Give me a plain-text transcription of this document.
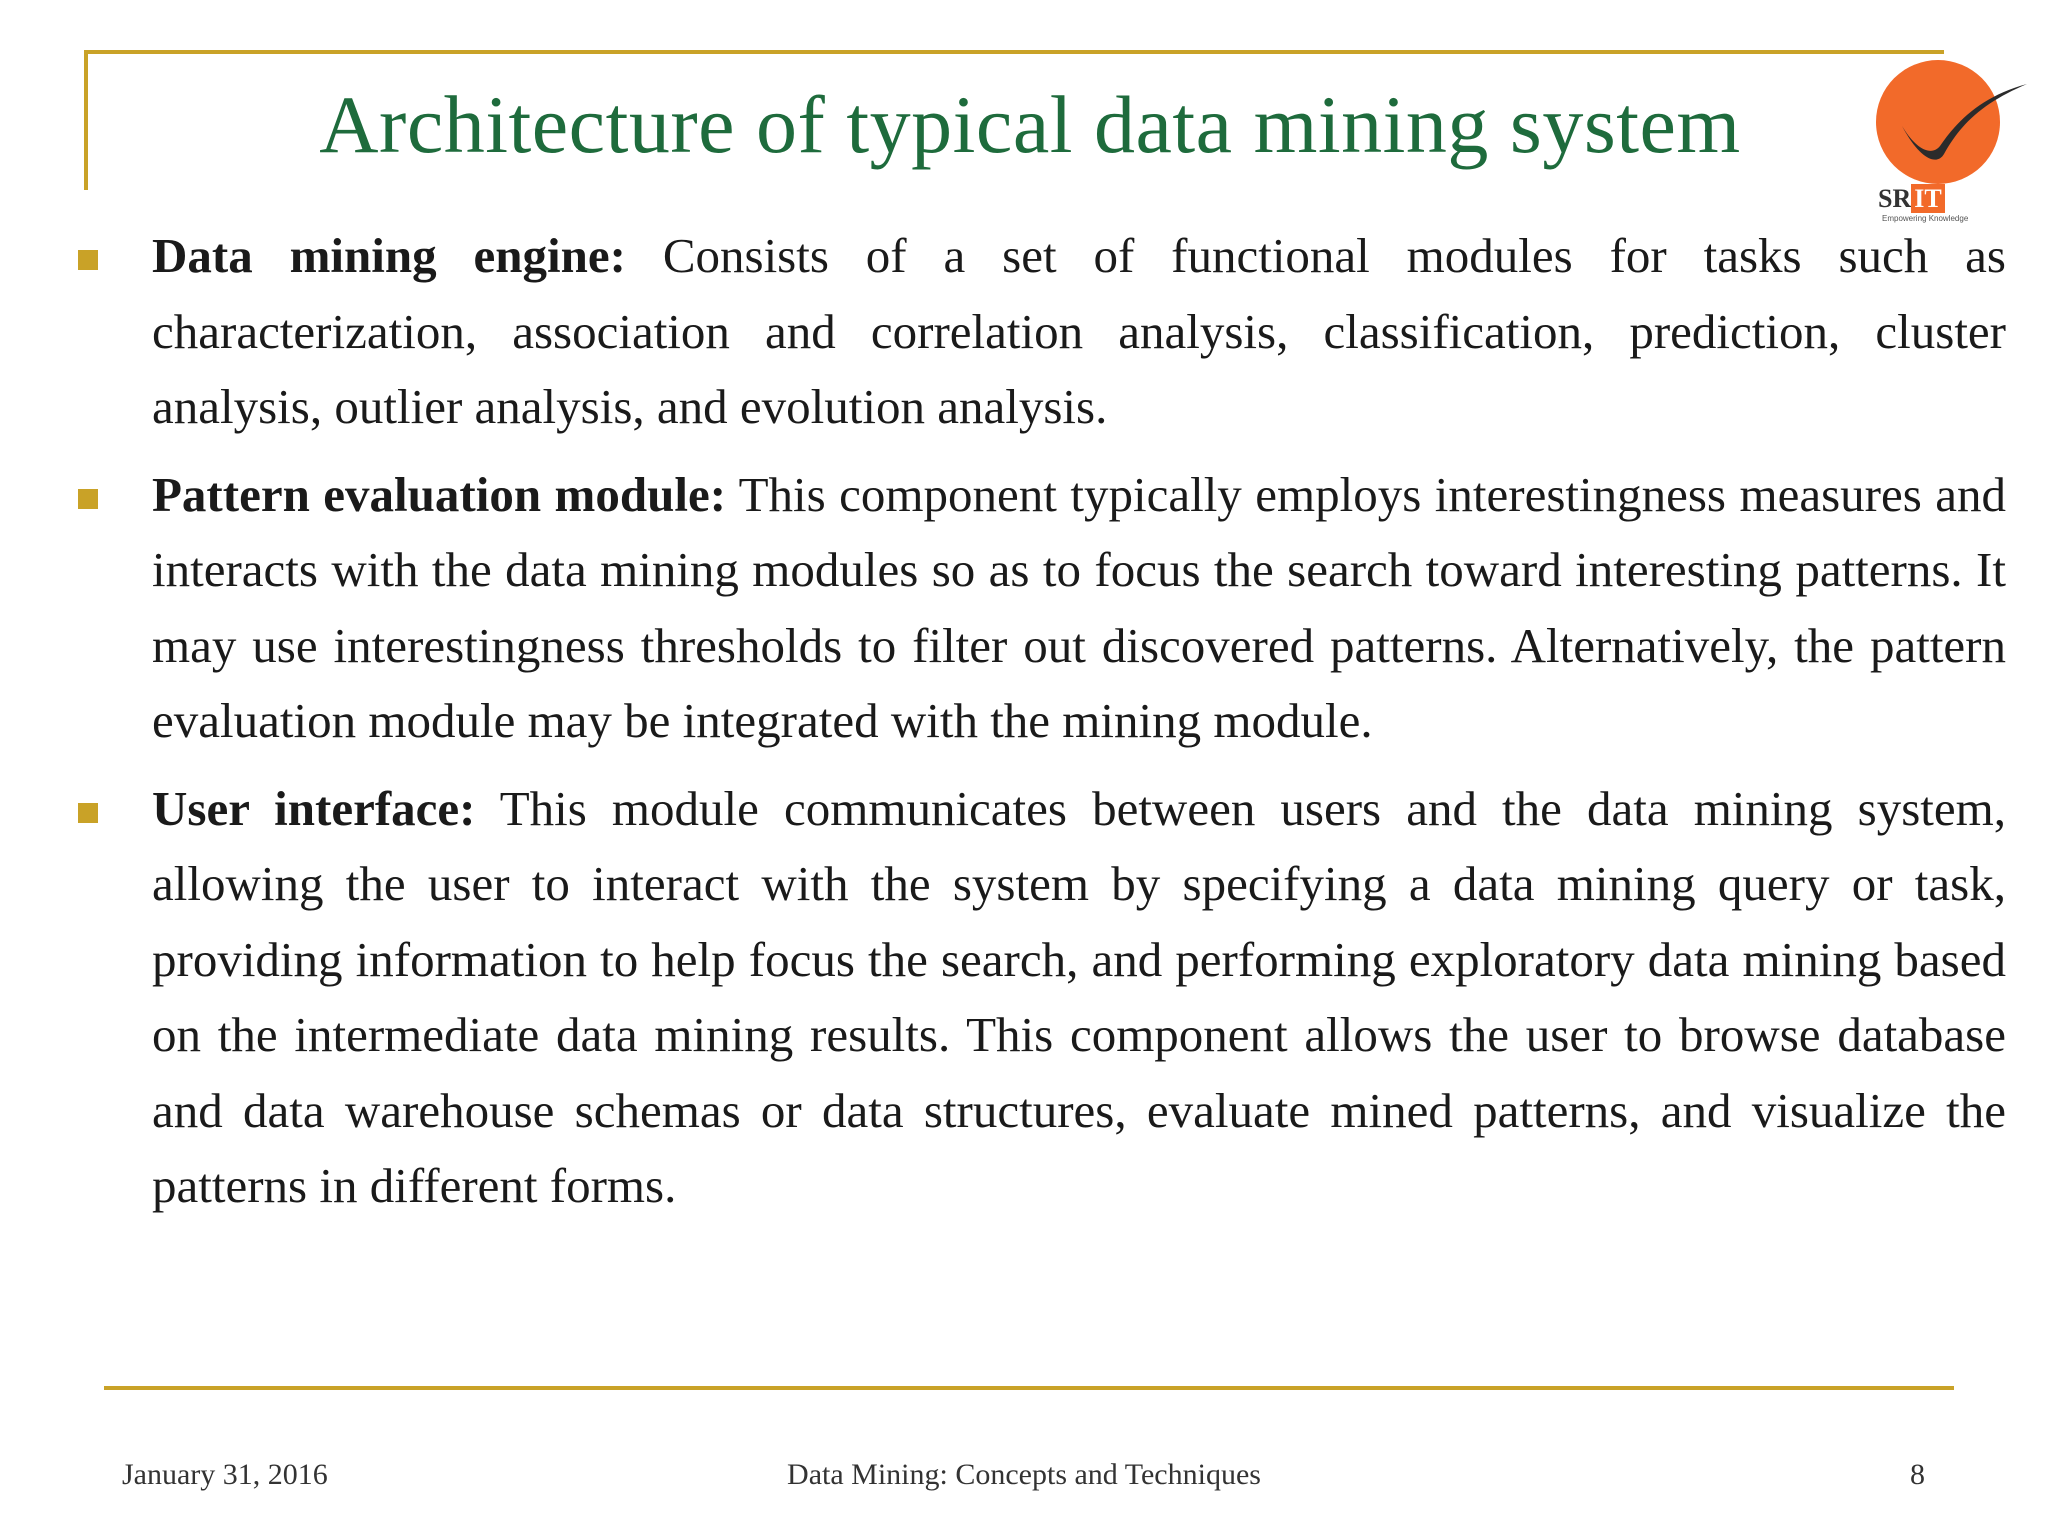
Architecture of typical data mining system
SR IT
Empowering Knowledge
Data mining engine: Consists of a set of functional modules for tasks such as characterization, association and correlation analysis, classification, prediction, cluster analysis, outlier analysis, and evolution analysis.
Pattern evaluation module: This component typically employs interestingness measures and interacts with the data mining modules so as to focus the search toward interesting patterns. It may use interestingness thresholds to filter out discovered patterns. Alternatively, the pattern evaluation module may be integrated with the mining module.
User interface: This module communicates between users and the data mining system, allowing the user to interact with the system by specifying a data mining query or task, providing information to help focus the search, and performing exploratory data mining based on the intermediate data mining results. This component allows the user to browse database and data warehouse schemas or data structures, evaluate mined patterns, and visualize the patterns in different forms.
January 31, 2016	Data Mining: Concepts and Techniques	8
